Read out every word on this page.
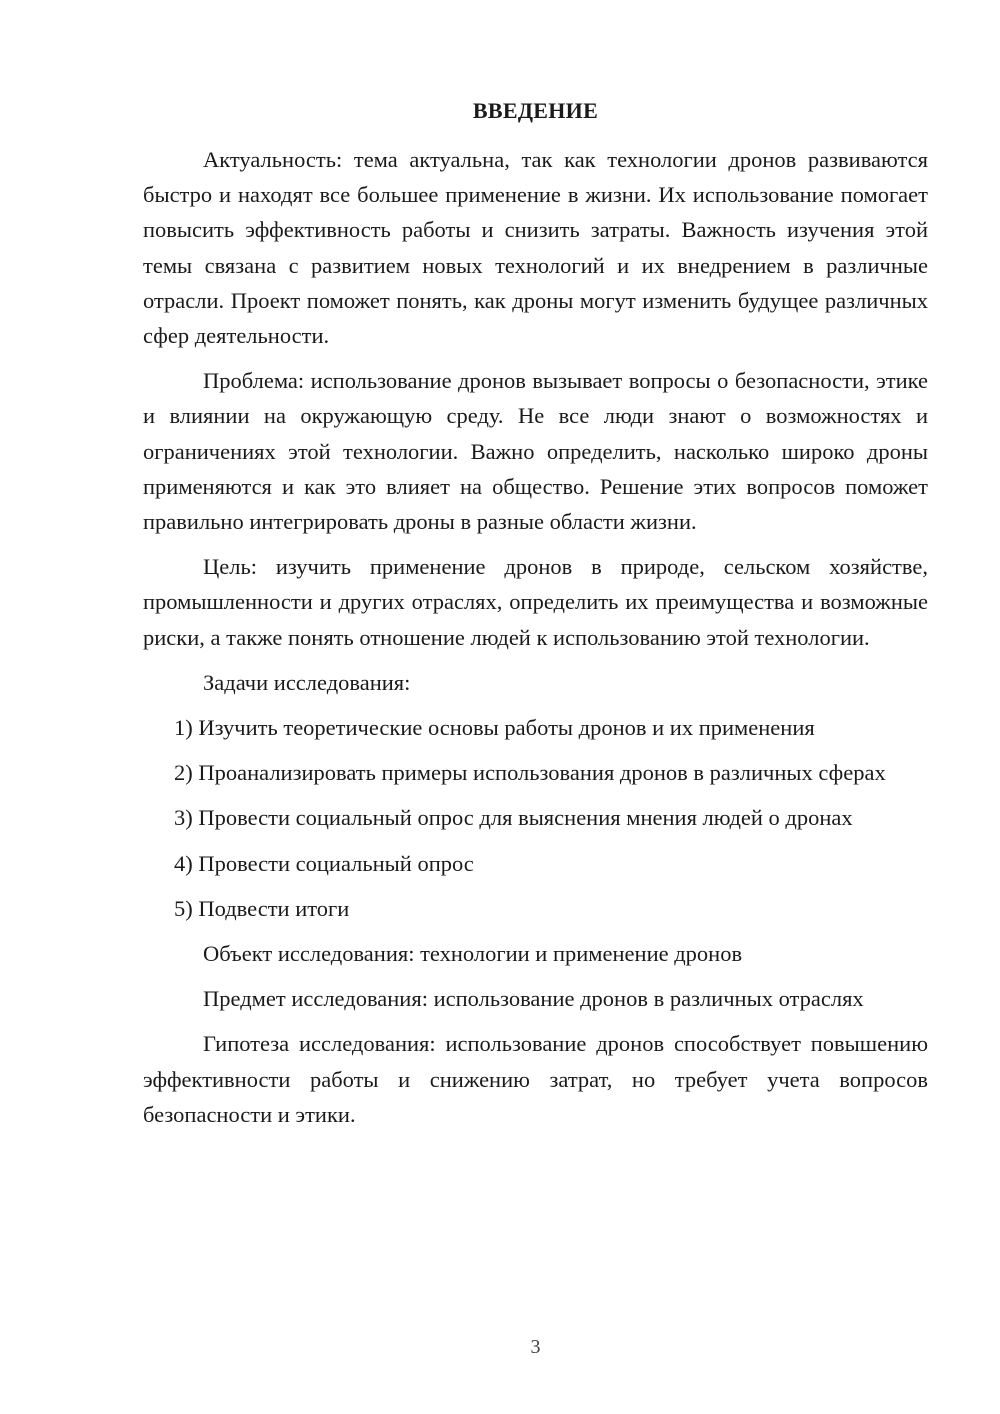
ВВЕДЕНИЕ

Актуальность: тема актуальна, так как технологии дронов развиваются быстро и находят все большее применение в жизни. Их использование помогает повысить эффективность работы и снизить затраты. Важность изучения этой темы связана с развитием новых технологий и их внедрением в различные отрасли. Проект поможет понять, как дроны могут изменить будущее различных сфер деятельности.

Проблема: использование дронов вызывает вопросы о безопасности, этике и влиянии на окружающую среду. Не все люди знают о возможностях и ограничениях этой технологии. Важно определить, насколько широко дроны применяются и как это влияет на общество. Решение этих вопросов поможет правильно интегрировать дроны в разные области жизни.

Цель: изучить применение дронов в природе, сельском хозяйстве, промышленности и других отраслях, определить их преимущества и возможные риски, а также понять отношение людей к использованию этой технологии.

Задачи исследования:

1) Изучить теоретические основы работы дронов и их применения

2) Проанализировать примеры использования дронов в различных сферах

3) Провести социальный опрос для выяснения мнения людей о дронах

4) Провести социальный опрос

5) Подвести итоги

Объект исследования: технологии и применение дронов

Предмет исследования: использование дронов в различных отраслях

Гипотеза исследования: использование дронов способствует повышению эффективности работы и снижению затрат, но требует учета вопросов безопасности и этики.

3
